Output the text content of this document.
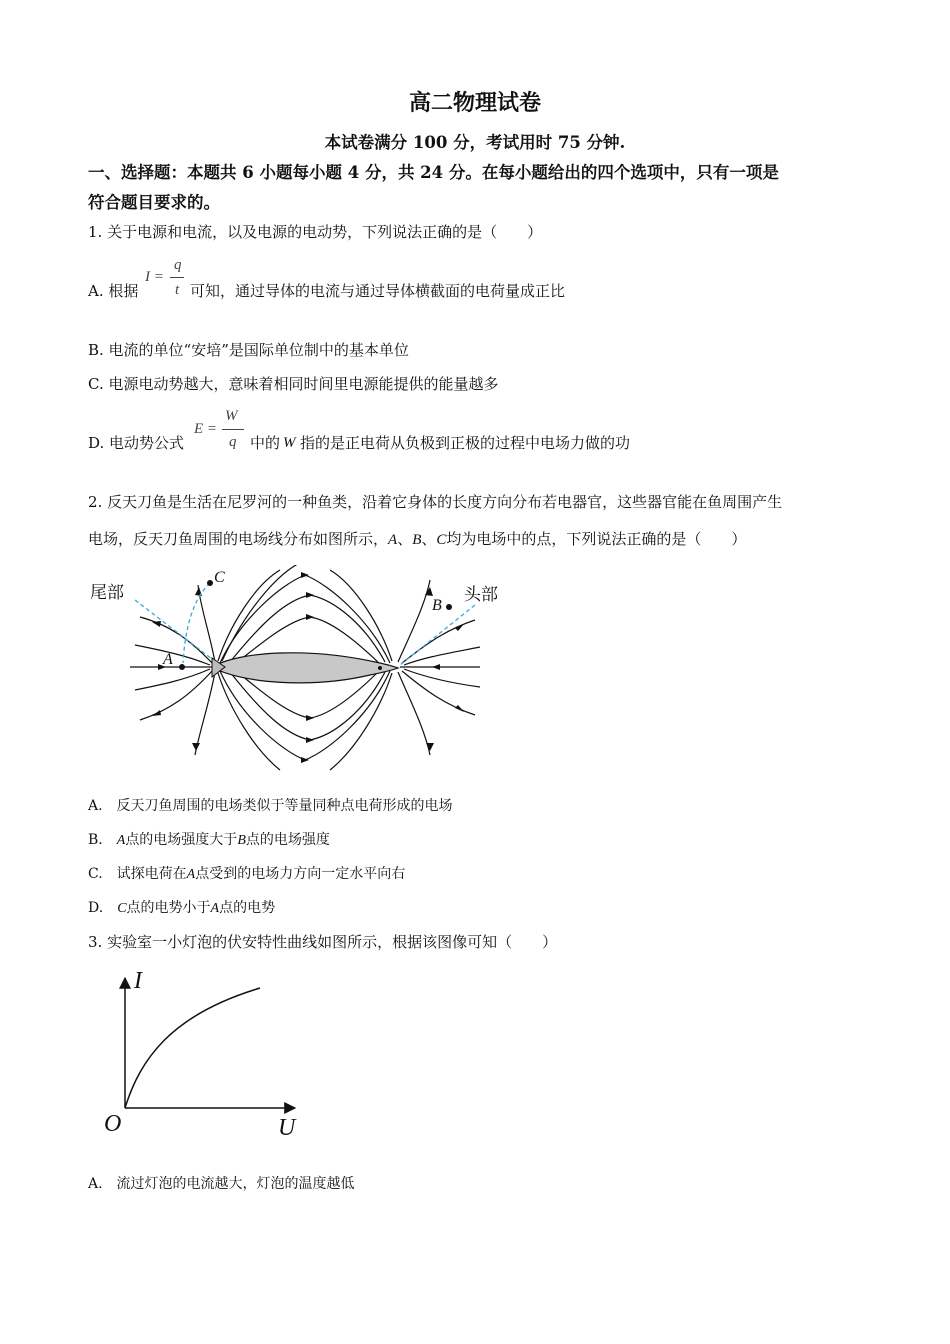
高二物理试卷
本试卷满分 100 分，考试用时 75 分钟.
一、选择题：本题共 6 小题每小题 4 分，共 24 分。在每小题给出的四个选项中，只有一项是
符合题目要求的。
1. 关于电源和电流，以及电源的电动势，下列说法正确的是（　　）
A. 根据
I =
q
t 可知，通过导体的电流与通过导体横截面的电荷量成正比
B. 电流的单位“安培”是国际单位制中的基本单位
C. 电源电动势越大，意味着相同时间里电源能提供的能量越多
D. 电动势公式
E =
W
q 中的 W 指的是正电荷从负极到正极的过程中电场力做的功
2. 反天刀鱼是生活在尼罗河的一种鱼类，沿着它身体的长度方向分布若电器官，这些器官能在鱼周围产生
电场，反天刀鱼周围的电场线分布如图所示，A、B、C均为电场中的点，下列说法正确的是（　　）
尾部	头部
A
B
C
A.　反天刀鱼周围的电场类似于等量同种点电荷形成的电场
B.　A点的电场强度大于B点的电场强度
C.　试探电荷在A点受到的电场力方向一定水平向右
D.　C点的电势小于A点的电势
3. 实验室一小灯泡的伏安特性曲线如图所示，根据该图像可知（　　）
I
U
O
A.　流过灯泡的电流越大，灯泡的温度越低
